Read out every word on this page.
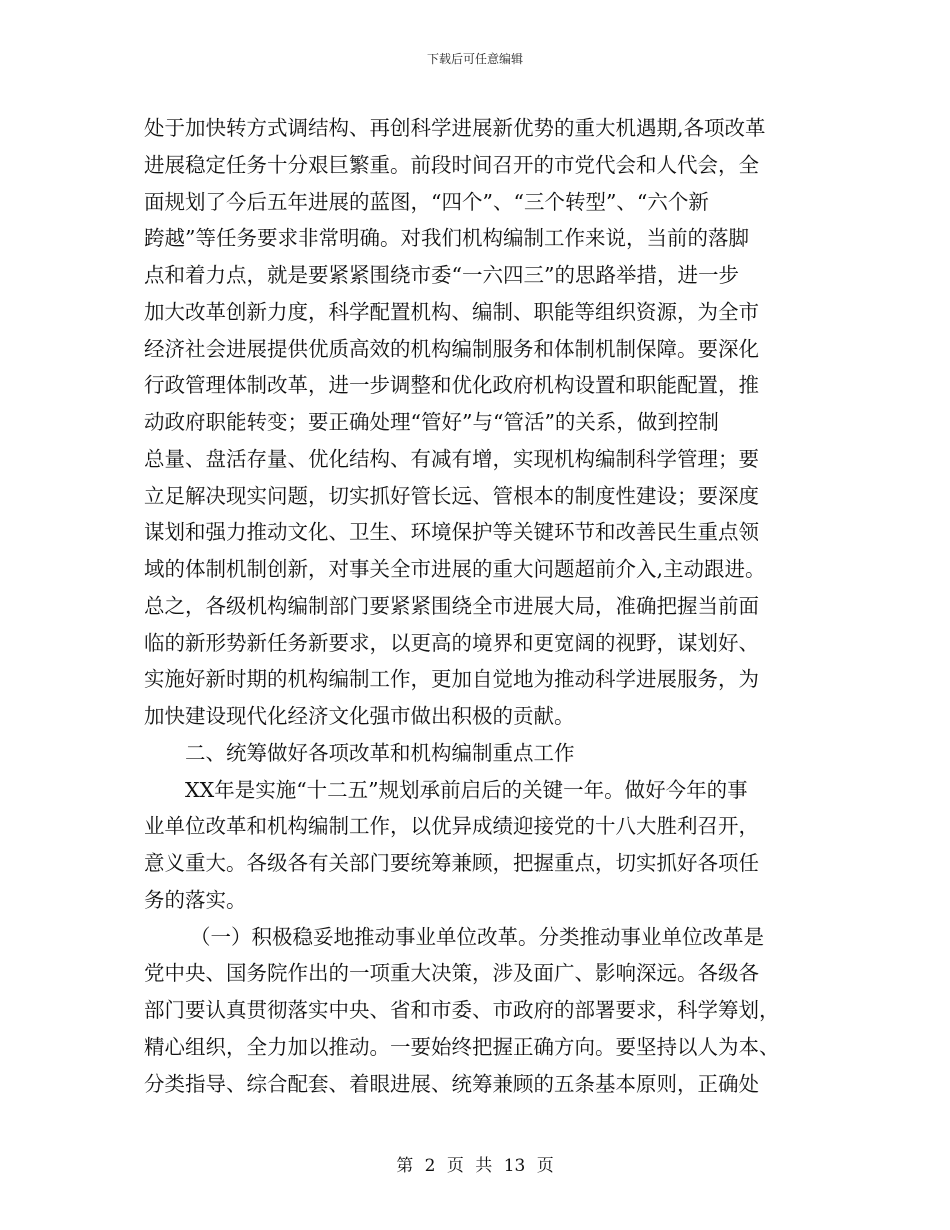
下载后可任意编辑
处于加快转方式调结构、再创科学进展新优势的重大机遇期,各项改革
进展稳定任务十分艰巨繁重。前段时间召开的市党代会和人代会，全
面规划了今后五年进展的蓝图，“四个”、“三个转型”、“六个新
跨越”等任务要求非常明确。对我们机构编制工作来说，当前的落脚
点和着力点，就是要紧紧围绕市委“一六四三”的思路举措，进一步
加大改革创新力度，科学配置机构、编制、职能等组织资源，为全市
经济社会进展提供优质高效的机构编制服务和体制机制保障。要深化
行政管理体制改革，进一步调整和优化政府机构设置和职能配置，推
动政府职能转变；要正确处理“管好”与“管活”的关系，做到控制
总量、盘活存量、优化结构、有减有增，实现机构编制科学管理；要
立足解决现实问题，切实抓好管长远、管根本的制度性建设；要深度
谋划和强力推动文化、卫生、环境保护等关键环节和改善民生重点领
域的体制机制创新，对事关全市进展的重大问题超前介入,主动跟进。
总之，各级机构编制部门要紧紧围绕全市进展大局，准确把握当前面
临的新形势新任务新要求，以更高的境界和更宽阔的视野，谋划好、
实施好新时期的机构编制工作，更加自觉地为推动科学进展服务，为
加快建设现代化经济文化强市做出积极的贡献。
二、统筹做好各项改革和机构编制重点工作
XX年是实施“十二五”规划承前启后的关键一年。做好今年的事
业单位改革和机构编制工作，以优异成绩迎接党的十八大胜利召开，
意义重大。各级各有关部门要统筹兼顾，把握重点，切实抓好各项任
务的落实。
（一）积极稳妥地推动事业单位改革。分类推动事业单位改革是
党中央、国务院作出的一项重大决策，涉及面广、影响深远。各级各
部门要认真贯彻落实中央、省和市委、市政府的部署要求，科学筹划，
精心组织，全力加以推动。一要始终把握正确方向。要坚持以人为本、
分类指导、综合配套、着眼进展、统筹兼顾的五条基本原则，正确处
第 2 页 共 13 页
